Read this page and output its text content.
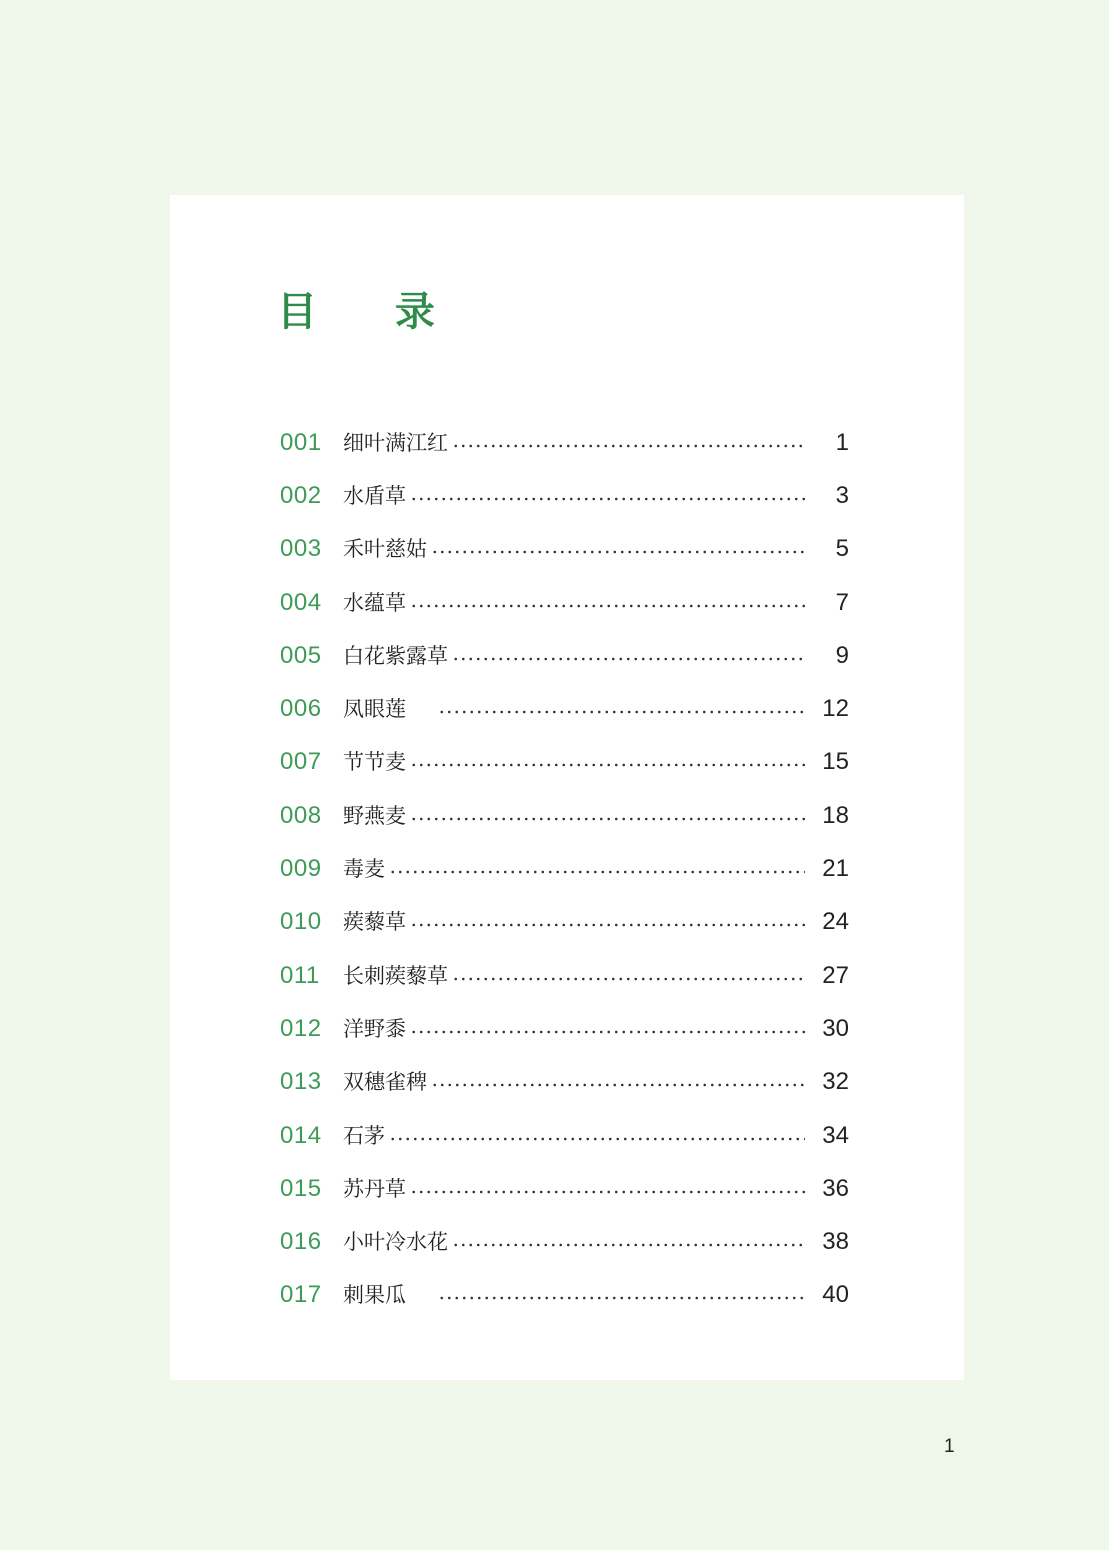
目 录
001	细叶满江红	1
002	水盾草	3
003	禾叶慈姑	5
004	水蕴草	7
005	白花紫露草	9
006	凤眼莲	12
007	节节麦	15
008	野燕麦	18
009	毒麦	21
010	蒺藜草	24
011	长刺蒺藜草	27
012	洋野黍	30
013	双穗雀稗	32
014	石茅	34
015	苏丹草	36
016	小叶冷水花	38
017	刺果瓜	40
1
